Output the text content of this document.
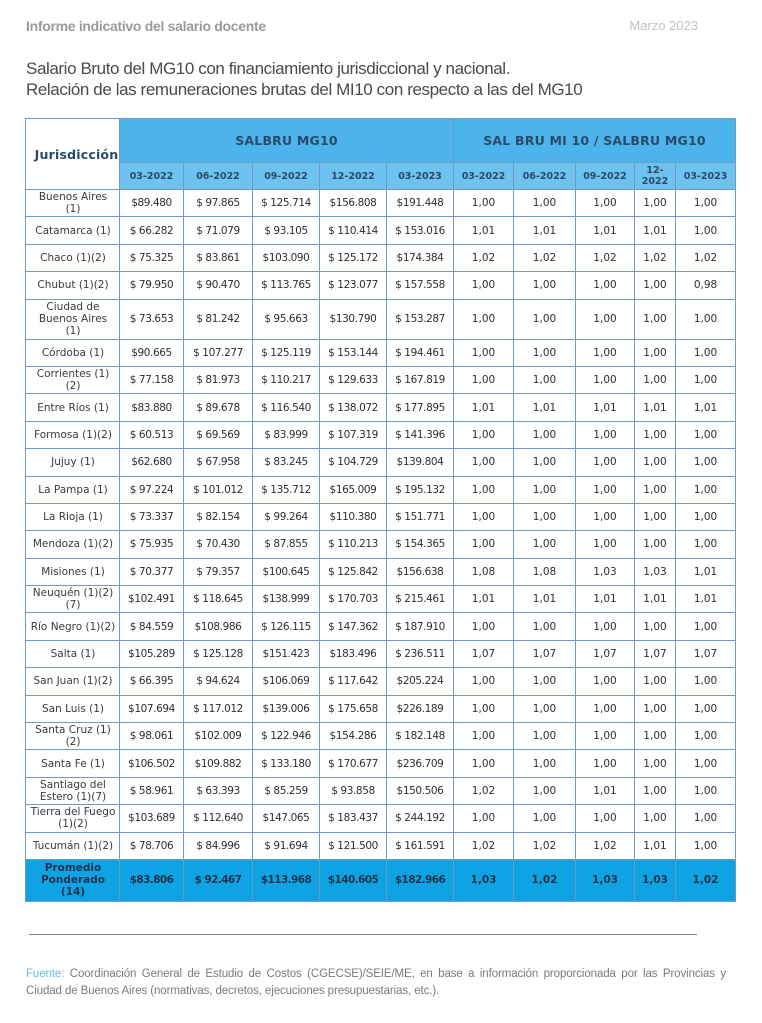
Informe indicativo del salario docente	Marzo 2023
Salario Bruto del MG10 con financiamiento jurisdiccional y nacional.
Relación de las remuneraciones brutas del MI10 con respecto a las del MG10
Jurisdicción	SALBRU MG10					SAL BRU MI 10 / SALBRU MG10				
	03-2022	06-2022	09-2022	12-2022	03-2023	03-2022	06-2022	09-2022	12-2022	03-2023
Buenos Aires (1)	$89.480	$ 97.865	$ 125.714	$156.808	$191.448	1,00	1,00	1,00	1,00	1,00
Catamarca (1)	$ 66.282	$ 71.079	$ 93.105	$ 110.414	$ 153.016	1,01	1,01	1,01	1,01	1,00
Chaco (1)(2)	$ 75.325	$ 83.861	$103.090	$ 125.172	$174.384	1,02	1,02	1,02	1,02	1,02
Chubut (1)(2)	$ 79.950	$ 90.470	$ 113.765	$ 123.077	$ 157.558	1,00	1,00	1,00	1,00	0,98
Ciudad de Buenos Aires (1)	$ 73.653	$ 81.242	$ 95.663	$130.790	$ 153.287	1,00	1,00	1,00	1,00	1,00
Córdoba (1)	$90.665	$ 107.277	$ 125.119	$ 153.144	$ 194.461	1,00	1,00	1,00	1,00	1,00
Corrientes (1)(2)	$ 77.158	$ 81.973	$ 110.217	$ 129.633	$ 167.819	1,00	1,00	1,00	1,00	1,00
Entre Ríos (1)	$83.880	$ 89.678	$ 116.540	$ 138.072	$ 177.895	1,01	1,01	1,01	1,01	1,01
Formosa (1)(2)	$ 60.513	$ 69.569	$ 83.999	$ 107.319	$ 141.396	1,00	1,00	1,00	1,00	1,00
Jujuy (1)	$62.680	$ 67.958	$ 83.245	$ 104.729	$139.804	1,00	1,00	1,00	1,00	1,00
La Pampa (1)	$ 97.224	$ 101.012	$ 135.712	$165.009	$ 195.132	1,00	1,00	1,00	1,00	1,00
La Rioja (1)	$ 73.337	$ 82.154	$ 99.264	$110.380	$ 151.771	1,00	1,00	1,00	1,00	1,00
Mendoza (1)(2)	$ 75.935	$ 70.430	$ 87.855	$ 110.213	$ 154.365	1,00	1,00	1,00	1,00	1,00
Misiones (1)	$ 70.377	$ 79.357	$100.645	$ 125.842	$156.638	1,08	1,08	1,03	1,03	1,01
Neuquén (1)(2)(7)	$102.491	$ 118.645	$138.999	$ 170.703	$ 215.461	1,01	1,01	1,01	1,01	1,01
Río Negro (1)(2)	$ 84.559	$108.986	$ 126.115	$ 147.362	$ 187.910	1,00	1,00	1,00	1,00	1,00
Salta (1)	$105.289	$ 125.128	$151.423	$183.496	$ 236.511	1,07	1,07	1,07	1,07	1,07
San Juan (1)(2)	$ 66.395	$ 94.624	$106.069	$ 117.642	$205.224	1,00	1,00	1,00	1,00	1,00
San Luis (1)	$107.694	$ 117.012	$139.006	$ 175.658	$226.189	1,00	1,00	1,00	1,00	1,00
Santa Cruz (1)(2)	$ 98.061	$102.009	$ 122.946	$154.286	$ 182.148	1,00	1,00	1,00	1,00	1,00
Santa Fe (1)	$106.502	$109.882	$ 133.180	$ 170.677	$236.709	1,00	1,00	1,00	1,00	1,00
Santiago del Estero (1)(7)	$ 58.961	$ 63.393	$ 85.259	$ 93.858	$150.506	1,02	1,00	1,01	1,00	1,00
Tierra del Fuego (1)(2)	$103.689	$ 112.640	$147.065	$ 183.437	$ 244.192	1,00	1,00	1,00	1,00	1,00
Tucumán (1)(2)	$ 78.706	$ 84.996	$ 91.694	$ 121.500	$ 161.591	1,02	1,02	1,02	1,01	1,00
Promedio Ponderado (14)	$83.806	$ 92.467	$113.968	$140.605	$182.966	1,03	1,02	1,03	1,03	1,02
Fuente: Coordinación General de Estudio de Costos (CGECSE)/SEIE/ME, en base a información proporcionada por las Provincias y Ciudad de Buenos Aires (normativas, decretos, ejecuciones presupuestarias, etc.).
